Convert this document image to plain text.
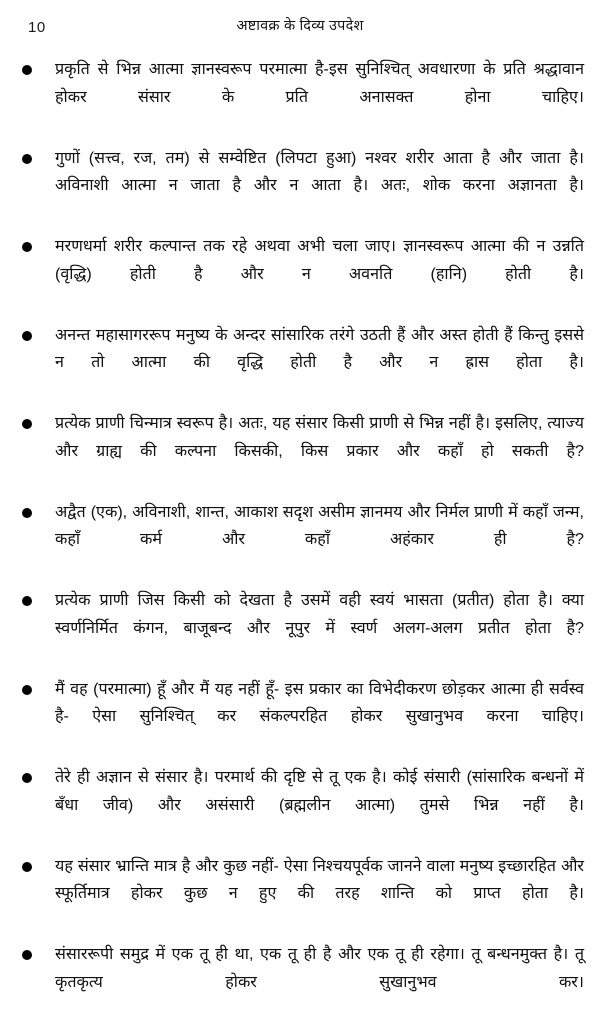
10	अष्टावक्र के दिव्य उपदेश
प्रकृति से भिन्न आत्मा ज्ञानस्वरूप परमात्मा है-इस सुनिश्चित् अवधारणा के प्रति श्रद्धावान होकर संसार के प्रति अनासक्त होना चाहिए।
गुणों (सत्त्व, रज, तम) से सम्वेष्टित (लिपटा हुआ) नश्वर शरीर आता है और जाता है। अविनाशी आत्मा न जाता है और न आता है। अतः, शोक करना अज्ञानता है।
मरणधर्मा शरीर कल्पान्त तक रहे अथवा अभी चला जाए। ज्ञानस्वरूप आत्मा की न उन्नति (वृद्धि) होती है और न अवनति (हानि) होती है।
अनन्त महासागररूप मनुष्य के अन्दर सांसारिक तरंगे उठती हैं और अस्त होती हैं किन्तु इससे न तो आत्मा की वृद्धि होती है और न ह्रास होता है।
प्रत्येक प्राणी चिन्मात्र स्वरूप है। अतः, यह संसार किसी प्राणी से भिन्न नहीं है। इसलिए, त्याज्य और ग्राह्य की कल्पना किसकी, किस प्रकार और कहाँ हो सकती है?
अद्वैत (एक), अविनाशी, शान्त, आकाश सदृश असीम ज्ञानमय और निर्मल प्राणी में कहाँ जन्म, कहाँ कर्म और कहाँ अहंकार ही है?
प्रत्येक प्राणी जिस किसी को देखता है उसमें वही स्वयं भासता (प्रतीत) होता है। क्या स्वर्णनिर्मित कंगन, बाजूबन्द और नूपुर में स्वर्ण अलग-अलग प्रतीत होता है?
मैं वह (परमात्मा) हूँ और मैं यह नहीं हूँ- इस प्रकार का विभेदीकरण छोड़कर आत्मा ही सर्वस्व है- ऐसा सुनिश्चित् कर संकल्परहित होकर सुखानुभव करना चाहिए।
तेरे ही अज्ञान से संसार है। परमार्थ की दृष्टि से तू एक है। कोई संसारी (सांसारिक बन्धनों में बँधा जीव) और असंसारी (ब्रह्मलीन आत्मा) तुमसे भिन्न नहीं है।
यह संसार भ्रान्ति मात्र है और कुछ नहीं- ऐसा निश्चयपूर्वक जानने वाला मनुष्य इच्छारहित और स्फूर्तिमात्र होकर कुछ न हुए की तरह शान्ति को प्राप्त होता है।
संसाररूपी समुद्र में एक तू ही था, एक तू ही है और एक तू ही रहेगा। तू बन्धनमुक्त है। तू कृतकृत्य होकर सुखानुभव कर।
